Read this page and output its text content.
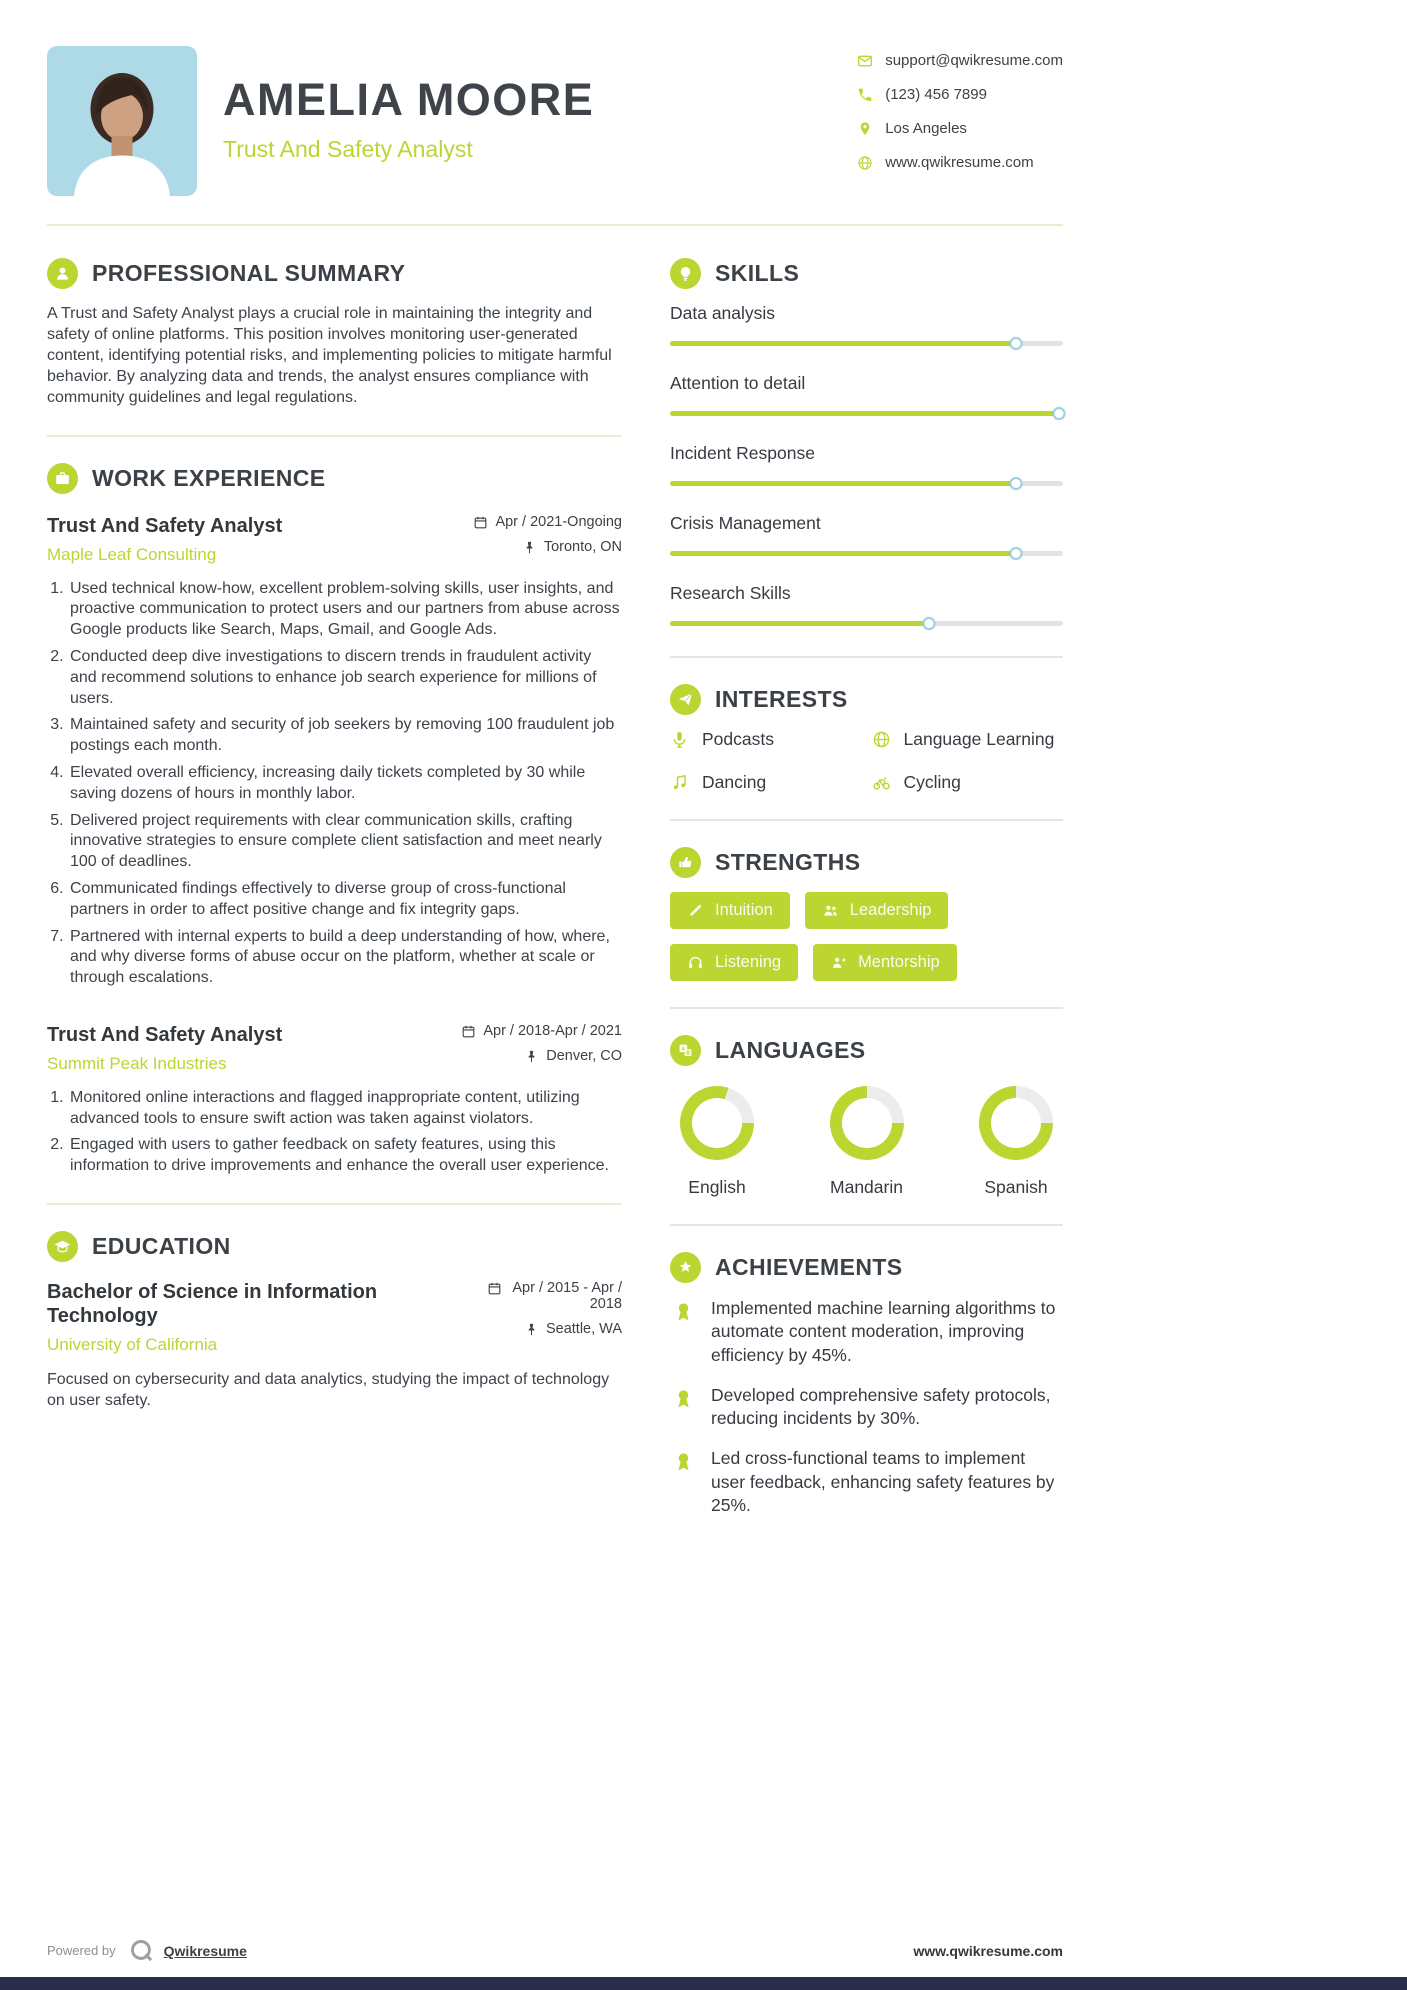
AMELIA MOORE
Trust And Safety Analyst
support@qwikresume.com
(123) 456 7899
Los Angeles
www.qwikresume.com
PROFESSIONAL SUMMARY

A Trust and Safety Analyst plays a crucial role in maintaining the integrity and safety of online platforms. This position involves monitoring user-generated content, identifying potential risks, and implementing policies to mitigate harmful behavior. By analyzing data and trends, the analyst ensures compliance with community guidelines and legal regulations.

WORK EXPERIENCE
Trust And Safety Analyst
Maple Leaf Consulting
Apr / 2021-Ongoing
Toronto, ON
1. Used technical know-how, excellent problem-solving skills, user insights, and proactive communication to protect users and our partners from abuse across Google products like Search, Maps, Gmail, and Google Ads.
2. Conducted deep dive investigations to discern trends in fraudulent activity and recommend solutions to enhance job search experience for millions of users.
3. Maintained safety and security of job seekers by removing 100 fraudulent job postings each month.
4. Elevated overall efficiency, increasing daily tickets completed by 30 while saving dozens of hours in monthly labor.
5. Delivered project requirements with clear communication skills, crafting innovative strategies to ensure complete client satisfaction and meet nearly 100 of deadlines.
6. Communicated findings effectively to diverse group of cross-functional partners in order to affect positive change and fix integrity gaps.
7. Partnered with internal experts to build a deep understanding of how, where, and why diverse forms of abuse occur on the platform, whether at scale or through escalations.
Trust And Safety Analyst
Summit Peak Industries
Apr / 2018-Apr / 2021
Denver, CO
1. Monitored online interactions and flagged inappropriate content, utilizing advanced tools to ensure swift action was taken against violators.
2. Engaged with users to gather feedback on safety features, using this information to drive improvements and enhance the overall user experience.
EDUCATION
Bachelor of Science in Information Technology
University of California
Apr / 2015 - Apr / 2018
Seattle, WA

Focused on cybersecurity and data analytics, studying the impact of technology on user safety.

SKILLS
Data analysis
Attention to detail
Incident Response
Crisis Management
Research Skills
INTERESTS
Podcasts	Language Learning
Dancing	Cycling
STRENGTHS
Intuition	Leadership
Listening	Mentorship
A
B LANGUAGES
English	Mandarin	Spanish
ACHIEVEMENTS

Implemented machine learning algorithms to automate content moderation, improving efficiency by 45%.

Developed comprehensive safety protocols, reducing incidents by 30%.

Led cross-functional teams to implement user feedback, enhancing safety features by 25%.

Powered by	Qwikresume	www.qwikresume.com
